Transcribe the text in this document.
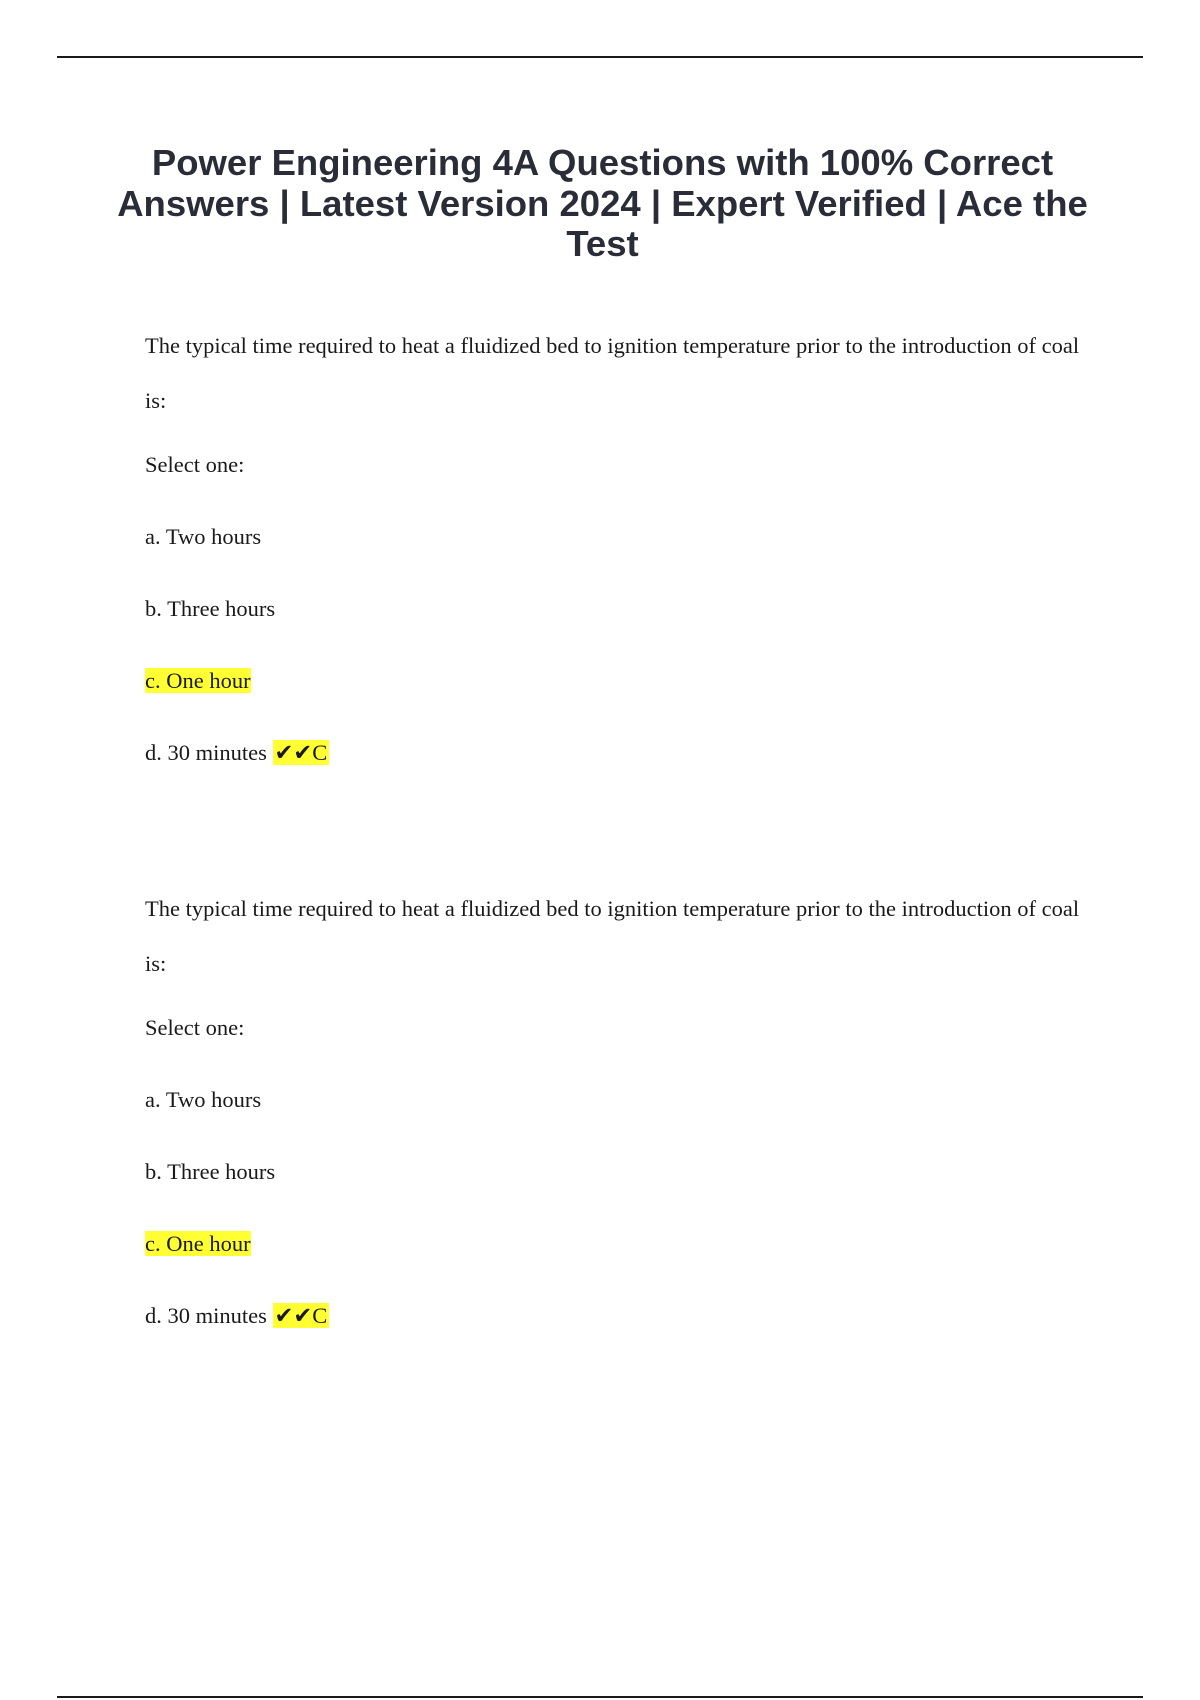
Power Engineering 4A Questions with 100% Correct Answers | Latest Version 2024 | Expert Verified | Ace the Test

The typical time required to heat a fluidized bed to ignition temperature prior to the introduction of coal is:

Select one:
a. Two hours
b. Three hours
c. One hour
d. 30 minutes ✔✔C

The typical time required to heat a fluidized bed to ignition temperature prior to the introduction of coal is:

Select one:
a. Two hours
b. Three hours
c. One hour
d. 30 minutes ✔✔C
